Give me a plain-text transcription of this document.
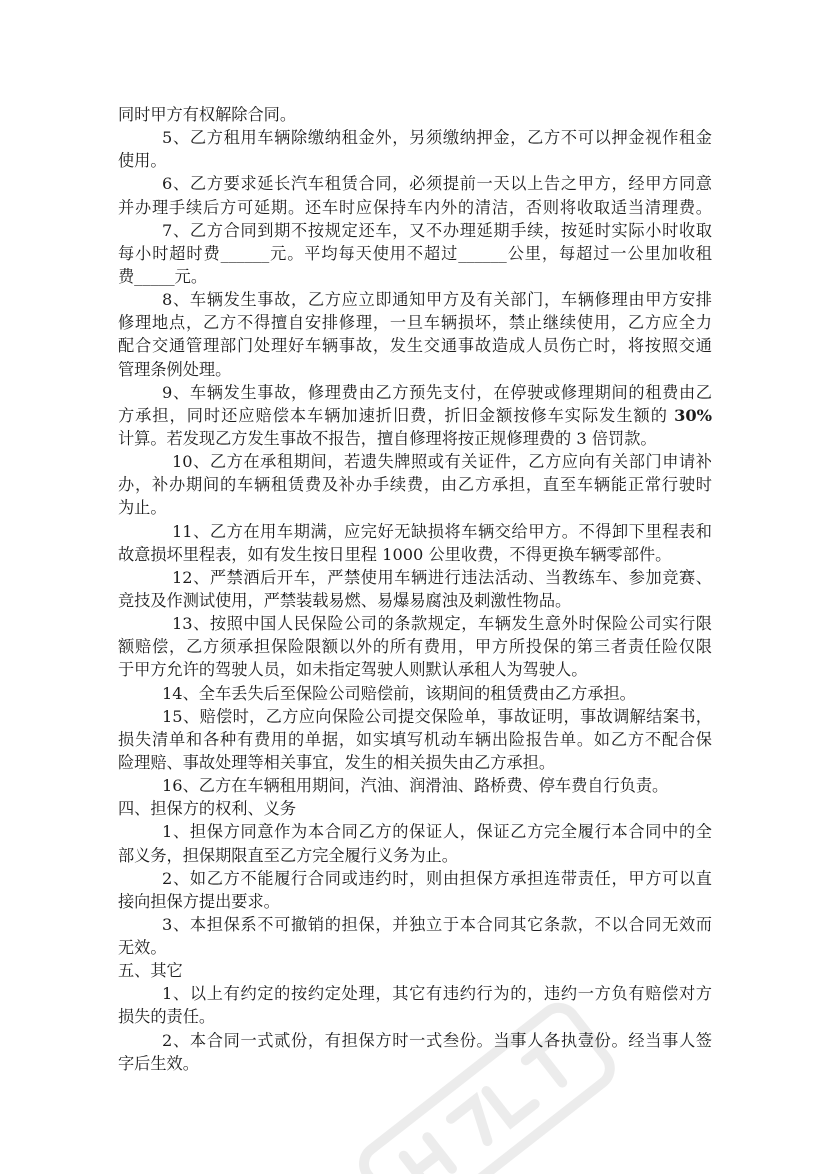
同时甲方有权解除合同。
5、乙方租用车辆除缴纳租金外，另须缴纳押金，乙方不可以押金视作租金
使用。
6、乙方要求延长汽车租赁合同，必须提前一天以上告之甲方，经甲方同意
并办理手续后方可延期。还车时应保持车内外的清洁，否则将收取适当清理费。
7、乙方合同到期不按规定还车，又不办理延期手续，按延时实际小时收取
每小时超时费______元。平均每天使用不超过______公里，每超过一公里加收租
费_____元。
8、车辆发生事故，乙方应立即通知甲方及有关部门，车辆修理由甲方安排
修理地点，乙方不得擅自安排修理，一旦车辆损坏，禁止继续使用，乙方应全力
配合交通管理部门处理好车辆事故，发生交通事故造成人员伤亡时，将按照交通
管理条例处理。
9、车辆发生事故，修理费由乙方预先支付，在停驶或修理期间的租费由乙
方承担，同时还应赔偿本车辆加速折旧费，折旧金额按修车实际发生额的 30%
计算。若发现乙方发生事故不报告，擅自修理将按正规修理费的 3 倍罚款。
10、乙方在承租期间，若遗失牌照或有关证件，乙方应向有关部门申请补
办，补办期间的车辆租赁费及补办手续费，由乙方承担，直至车辆能正常行驶时
为止。
11、乙方在用车期满，应完好无缺损将车辆交给甲方。不得卸下里程表和
故意损坏里程表，如有发生按日里程 1000 公里收费，不得更换车辆零部件。
12、严禁酒后开车，严禁使用车辆进行违法活动、当教练车、参加竞赛、
竞技及作测试使用，严禁装载易燃、易爆易腐浊及刺激性物品。
13、按照中国人民保险公司的条款规定，车辆发生意外时保险公司实行限
额赔偿，乙方须承担保险限额以外的所有费用，甲方所投保的第三者责任险仅限
于甲方允许的驾驶人员，如未指定驾驶人则默认承租人为驾驶人。
14、全车丢失后至保险公司赔偿前，该期间的租赁费由乙方承担。
15、赔偿时，乙方应向保险公司提交保险单，事故证明，事故调解结案书，
损失清单和各种有费用的单据，如实填写机动车辆出险报告单。如乙方不配合保
险理赔、事故处理等相关事宜，发生的相关损失由乙方承担。
16、乙方在车辆租用期间，汽油、润滑油、路桥费、停车费自行负责。
四、担保方的权利、义务
1、担保方同意作为本合同乙方的保证人，保证乙方完全履行本合同中的全
部义务，担保期限直至乙方完全履行义务为止。
2、如乙方不能履行合同或违约时，则由担保方承担连带责任，甲方可以直
接向担保方提出要求。
3、本担保系不可撤销的担保，并独立于本合同其它条款，不以合同无效而
无效。
五、其它
1、以上有约定的按约定处理，其它有违约行为的，违约一方负有赔偿对方
损失的责任。
2、本合同一式贰份，有担保方时一式叁份。当事人各执壹份。经当事人签
字后生效。
